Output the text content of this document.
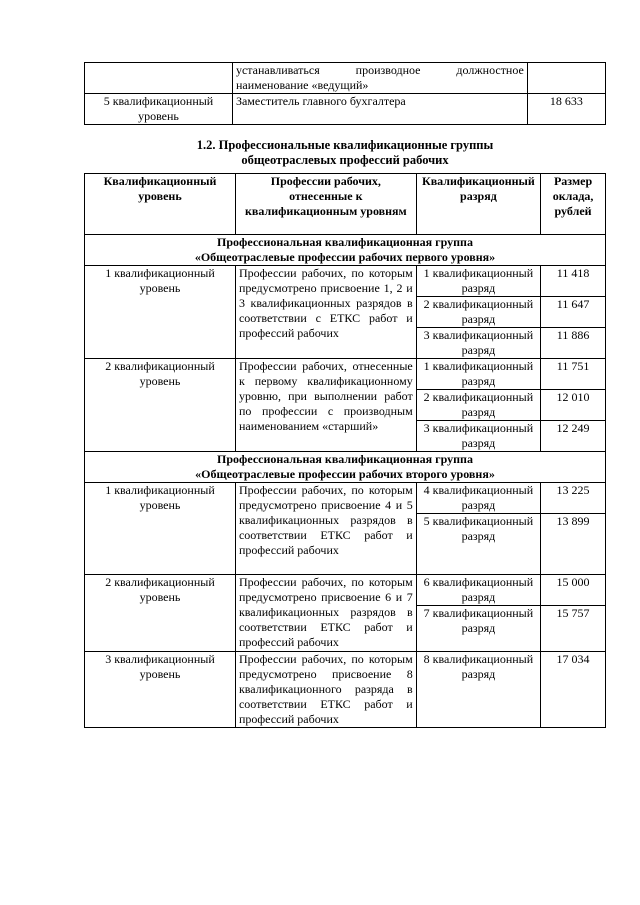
	устанавливаться производное должностное наименование «ведущий»	
5 квалификационный уровень	Заместитель главного бухгалтера	18 633
1.2. Профессиональные квалификационные группы
общеотраслевых профессий рабочих
Квалификационный уровень	Профессии рабочих, отнесенные к квалификационным уровням	Квалификационный разряд	Размер оклада, рублей

Профессиональная квалификационная группа
«Общеотраслевые профессии рабочих первого уровня»			

1 квалификационный уровень	Профессии рабочих, по которым предусмотрено присвоение 1, 2 и 3 квалификационных разрядов в соответствии с ЕТКС работ и профессий рабочих	1 квалификационный разряд	11 418
		2 квалификационный разряд	11 647
		3 квалификационный разряд	11 886
2 квалификационный уровень	Профессии рабочих, отнесенные к первому квалификационному уровню, при выполнении работ по профессии с производным наименованием «старший»	1 квалификационный разряд	11 751
		2 квалификационный разряд	12 010
		3 квалификационный разряд	12 249

Профессиональная квалификационная группа
«Общеотраслевые профессии рабочих второго уровня»			

1 квалификационный уровень	Профессии рабочих, по которым предусмотрено присвоение 4 и 5 квалификационных разрядов в соответствии ЕТКС работ и профессий рабочих	4 квалификационный разряд	13 225
		5 квалификационный разряд	13 899
2 квалификационный уровень	Профессии рабочих, по которым предусмотрено присвоение 6 и 7 квалификационных разрядов в соответствии ЕТКС работ и профессий рабочих	6 квалификационный разряд	15 000
		7 квалификационный разряд	15 757
3 квалификационный уровень	Профессии рабочих, по которым предусмотрено присвоение 8 квалификационного разряда в соответствии ЕТКС работ и профессий рабочих	8 квалификационный разряд	17 034
